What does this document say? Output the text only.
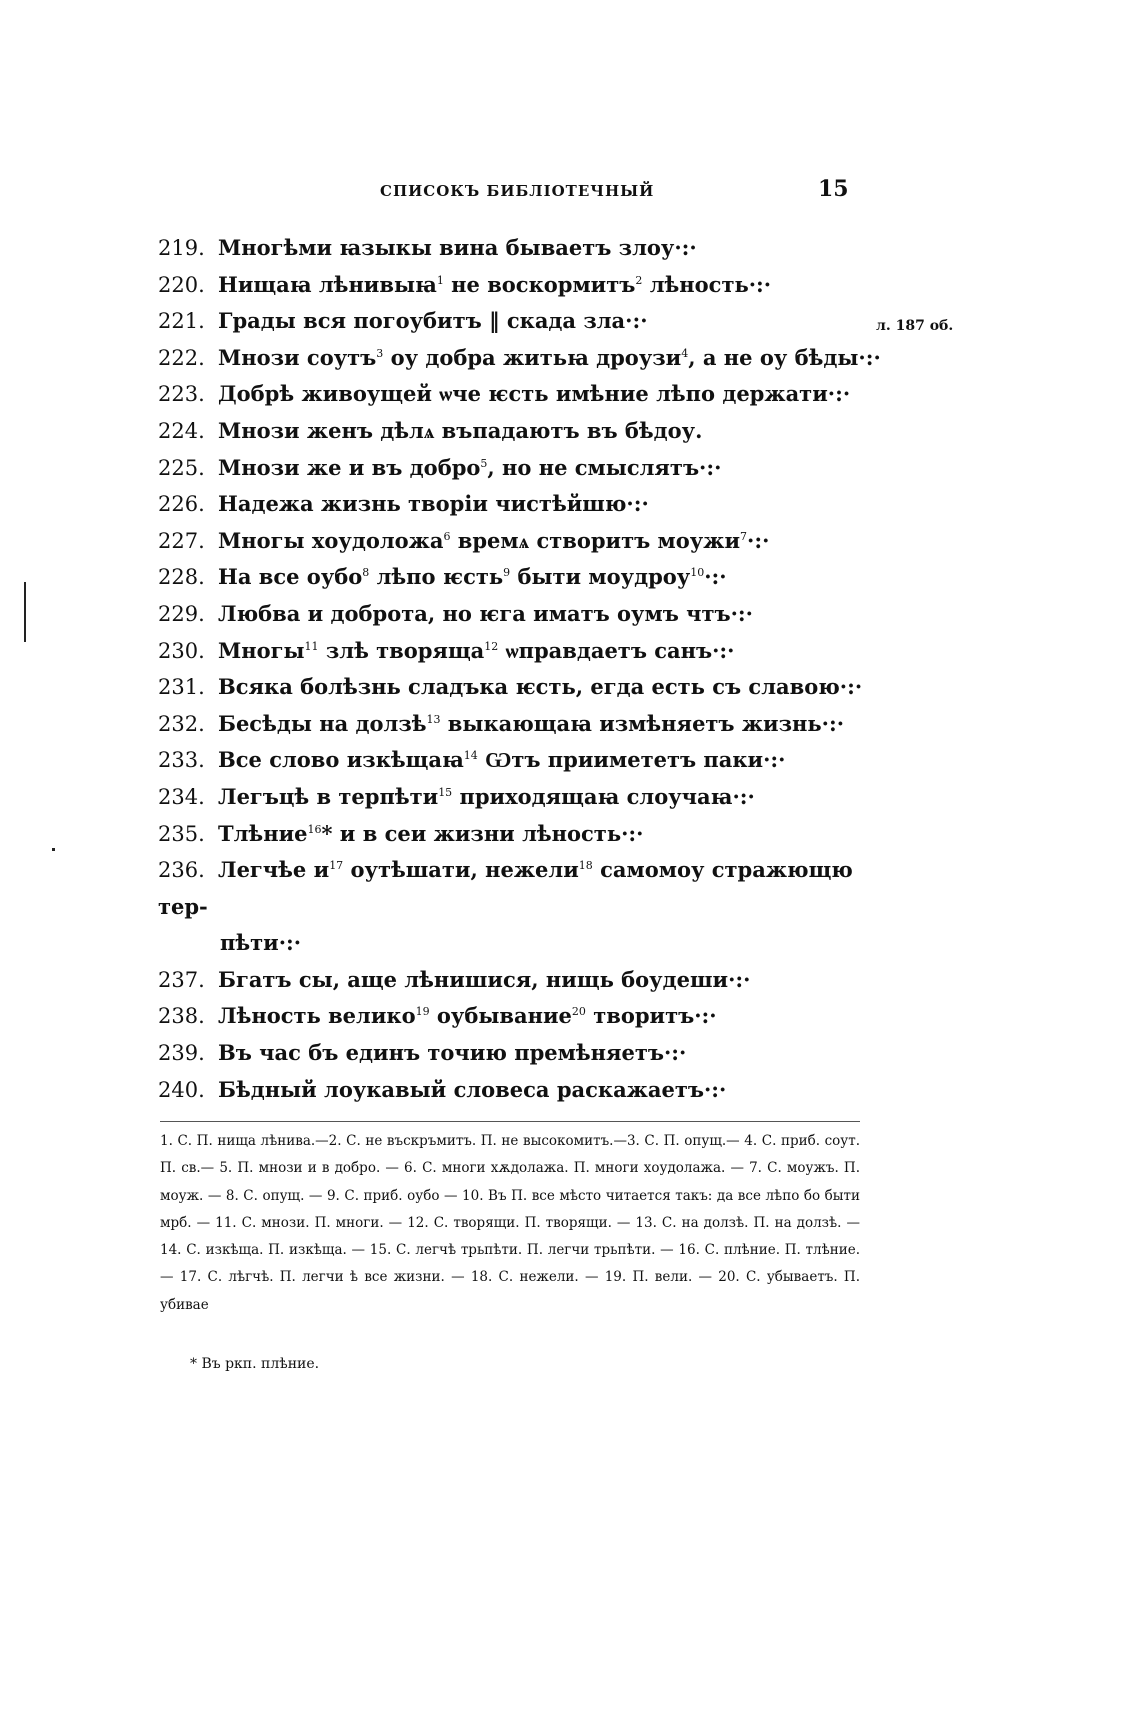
СПИСОКЪ БИБЛІОТЕЧНЫЙ	15
л. 187 об.
219. Многѣми ꙗзыкы вина бываетъ злоу·:·
220. Нищаꙗ лѣнивыꙗ$^1$ не воскормитъ$^2$ лѣность·:·
221. Грады вся погоубитъ ‖ скада зла·:·
222. Мнози соутъ$^3$ оу добра житьꙗ дроузи$^4$, а не оу бѣды·:·
223. Добрѣ живоущей ѡче ѥсть имѣние лѣпо держати·:·
224. Мнози женъ дѣлѧ въпадаютъ въ бѣдоу.
225. Мнози же и въ добро$^5$, но не смыслятъ·:·
226. Надежа жизнь творiи чистѣйшю·:·
227. Многы хоудоложа$^6$ времѧ створитъ моужи$^7$·:·
228. На все оубо$^8$ лѣпо ѥсть$^9$ быти моудроу$^{10}$·:·
229. Любва и доброта, но ѥга иматъ оумъ чтъ·:·
230. Многы$^{11}$ злѣ творяща$^{12}$ ѡправдаетъ санъ·:·
231. Всяка болѣзнь сладъка ѥсть, егда есть съ славою·:·
232. Бесѣды на долзѣ$^{13}$ выкающаꙗ измѣняетъ жизнь·:·
233. Все слово изкѣщаꙗ$^{14}$ Ѡтъ приимететъ паки·:·
234. Легъцѣ в терпѣти$^{15}$ приходящаꙗ слоучаꙗ·:·
235. Тлѣние$^{16}$* и в сеи жизни лѣность·:·
236. Легчѣе $и^{17}$ оутѣшати, нежели$^{18}$ самомоу стражющю тер-
пѣти·:·
237. Бгатъ сы, аще лѣнишися, нищь боудеши·:·
238. Лѣность велико$^{19}$ оубывание$^{20}$ творитъ·:·
239. Въ час бъ единъ точию премѣняетъ·:·
240. Бѣдный лоукавый словеса раскажаетъ·:·
1. С. П. нища лѣнива.—2. С. не въскръмитъ. П. не высокомитъ.—3. С. П. опущ.— 4. С. приб. соут. П. св.— 5. П. мнози и в добро. — 6. С. многи хѫдолажа. П. многи хоудолажа. — 7. С. моужъ. П. моуж. — 8. С. опущ. — 9. С. приб. оубо — 10. Въ П. все мѣсто читается такъ: да все лѣпо бо быти мрб. — 11. С. мнози. П. многи. — 12. С. творящи. П. творящи. — 13. С. на долзѣ. П. на долзѣ. — 14. С. изкѣща. П. изкѣща. — 15. С. легчѣ трьпѣти. П. легчи трьпѣти. — 16. С. плѣние. П. тлѣние. — 17. С. лѣгчѣ. П. легчи ѣ все жизни. — 18. С. нежели. — 19. П. вели. — 20. С. убываетъ. П. убивае
* Въ ркп. плѣние.
